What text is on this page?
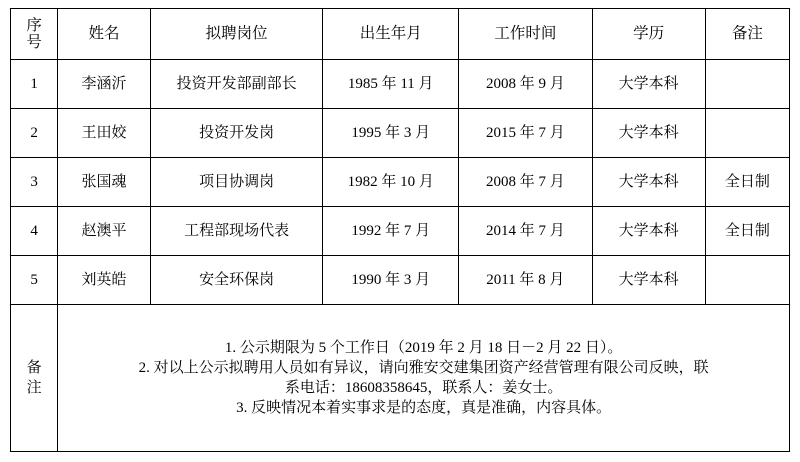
序
号	姓名	拟聘岗位	出生年月	工作时间	学历	备注
1	李涵沂	投资开发部副部长	1985 年 11 月	2008 年 9 月	大学本科	
2	王田姣	投资开发岗	1995 年 3 月	2015 年 7 月	大学本科	
3	张国魂	项目协调岗	1982 年 10 月	2008 年 7 月	大学本科	全日制
4	赵澳平	工程部现场代表	1992 年 7 月	2014 年 7 月	大学本科	全日制
5	刘英皓	安全环保岗	1990 年 3 月	2011 年 8 月	大学本科	

备
注

1. 公示期限为 5 个工作日（2019 年 2 月 18 日－2 月 22 日）。
2. 对以上公示拟聘用人员如有异议，请向雅安交建集团资产经营管理有限公司反映，联
系电话：18608358645，联系人：姜女士。
3. 反映情况本着实事求是的态度，真是准确，内容具体。
